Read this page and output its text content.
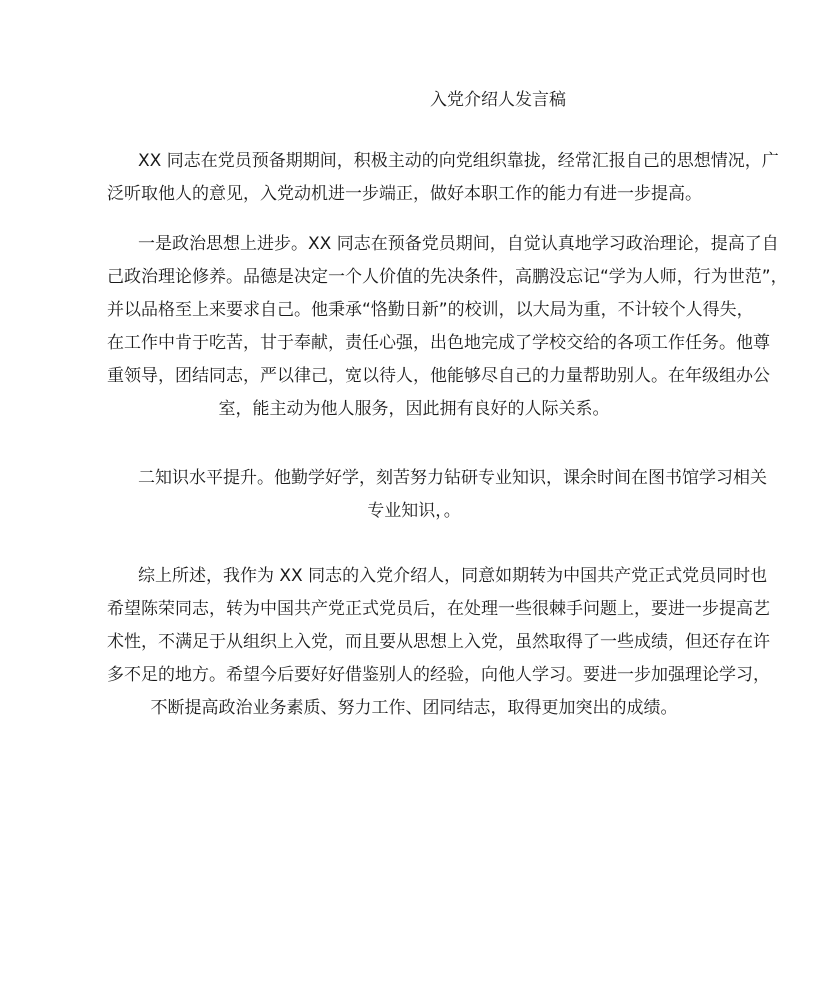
入党介绍人发言稿
XX 同志在党员预备期期间，积极主动的向党组织靠拢，经常汇报自己的思想情况，广
泛听取他人的意见，入党动机进一步端正，做好本职工作的能力有进一步提高。
一是政治思想上进步。XX 同志在预备党员期间，自觉认真地学习政治理论，提高了自
己政治理论修养。品德是决定一个人价值的先决条件，高鹏没忘记“学为人师，行为世范”，
并以品格至上来要求自己。他秉承“恪勤日新”的校训，以大局为重，不计较个人得失，
在工作中肯于吃苦，甘于奉献，责任心强，出色地完成了学校交给的各项工作任务。他尊
重领导，团结同志，严以律己，宽以待人，他能够尽自己的力量帮助别人。在年级组办公
室，能主动为他人服务，因此拥有良好的人际关系。
二知识水平提升。他勤学好学，刻苦努力钻研专业知识，课余时间在图书馆学习相关
专业知识，。
综上所述，我作为 XX 同志的入党介绍人，同意如期转为中国共产党正式党员同时也
希望陈荣同志，转为中国共产党正式党员后，在处理一些很棘手问题上，要进一步提高艺
术性，不满足于从组织上入党，而且要从思想上入党，虽然取得了一些成绩，但还存在许
多不足的地方。希望今后要好好借鉴别人的经验，向他人学习。要进一步加强理论学习，
不断提高政治业务素质、努力工作、团同结志，取得更加突出的成绩。
